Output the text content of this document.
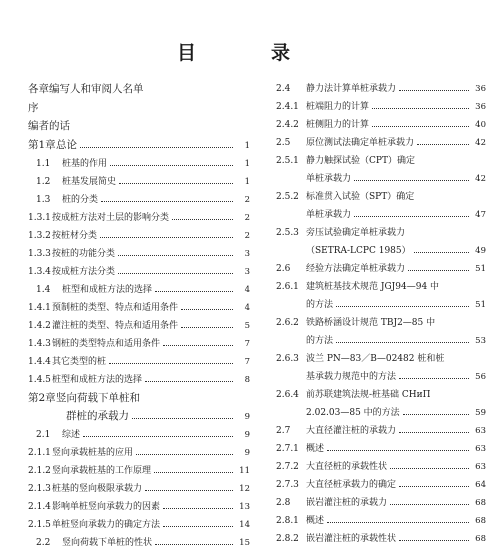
目　录
各章编写人和审阅人名单
序
编者的话
第1章 总论	1
1.1	桩基的作用	1
1.2	桩基发展简史	1
1.3	桩的分类	2
1.3.1 按成桩方法对土层的影响分类	2
1.3.2 按桩材分类	2
1.3.3 按桩的功能分类	3
1.3.4 按成桩方法分类	3
1.4	桩型和成桩方法的选择	4
1.4.1 预制桩的类型、特点和适用条件	4
1.4.2 灌注桩的类型、特点和适用条件	5
1.4.3 钢桩的类型特点和适用条件	7
1.4.4 其它类型的桩	7
1.4.5 桩型和成桩方法的选择	8
第2章 竖向荷载下单桩和
群桩的承载力	9
2.1	综述	9
2.1.1 竖向承载桩基的应用	9
2.1.2 竖向承载桩基的工作原理	11
2.1.3 桩基的竖向极限承载力	12
2.1.4 影响单桩竖向承载力的因素	13
2.1.5 单桩竖向承载力的确定方法	14
2.2	竖向荷载下单桩的性状	15
2.4	静力法计算单桩承载力	36
2.4.1 桩端阻力的计算	36
2.4.2 桩侧阻力的计算	40
2.5	原位测试法确定单桩承载力	42
2.5.1 静力触探试验（CPT）确定
单桩承载力	42
2.5.2 标准贯入试验（SPT）确定
单桩承载力	47
2.5.3 旁压试验确定单桩承载力
（SETRA-LCPC 1985）	49
2.6	经验方法确定单桩承载力	51
2.6.1 建筑桩基技术规范 JGJ94—94 中
的方法	51
2.6.2 铁路桥涵设计规范 TBJ2—85 中
的方法	53
2.6.3 波兰 PN—83／B—02482 桩和桩
基承载力规范中的方法	56
2.6.4 前苏联建筑法规-桩基础 CHиП
2.02.03—85 中的方法	59
2.7	大直径灌注桩的承载力	63
2.7.1 概述	63
2.7.2 大直径桩的承载性状	63
2.7.3 大直径桩承载力的确定	64
2.8	嵌岩灌注桩的承载力	68
2.8.1 概述	68
2.8.2 嵌岩灌注桩的承载性状	68
